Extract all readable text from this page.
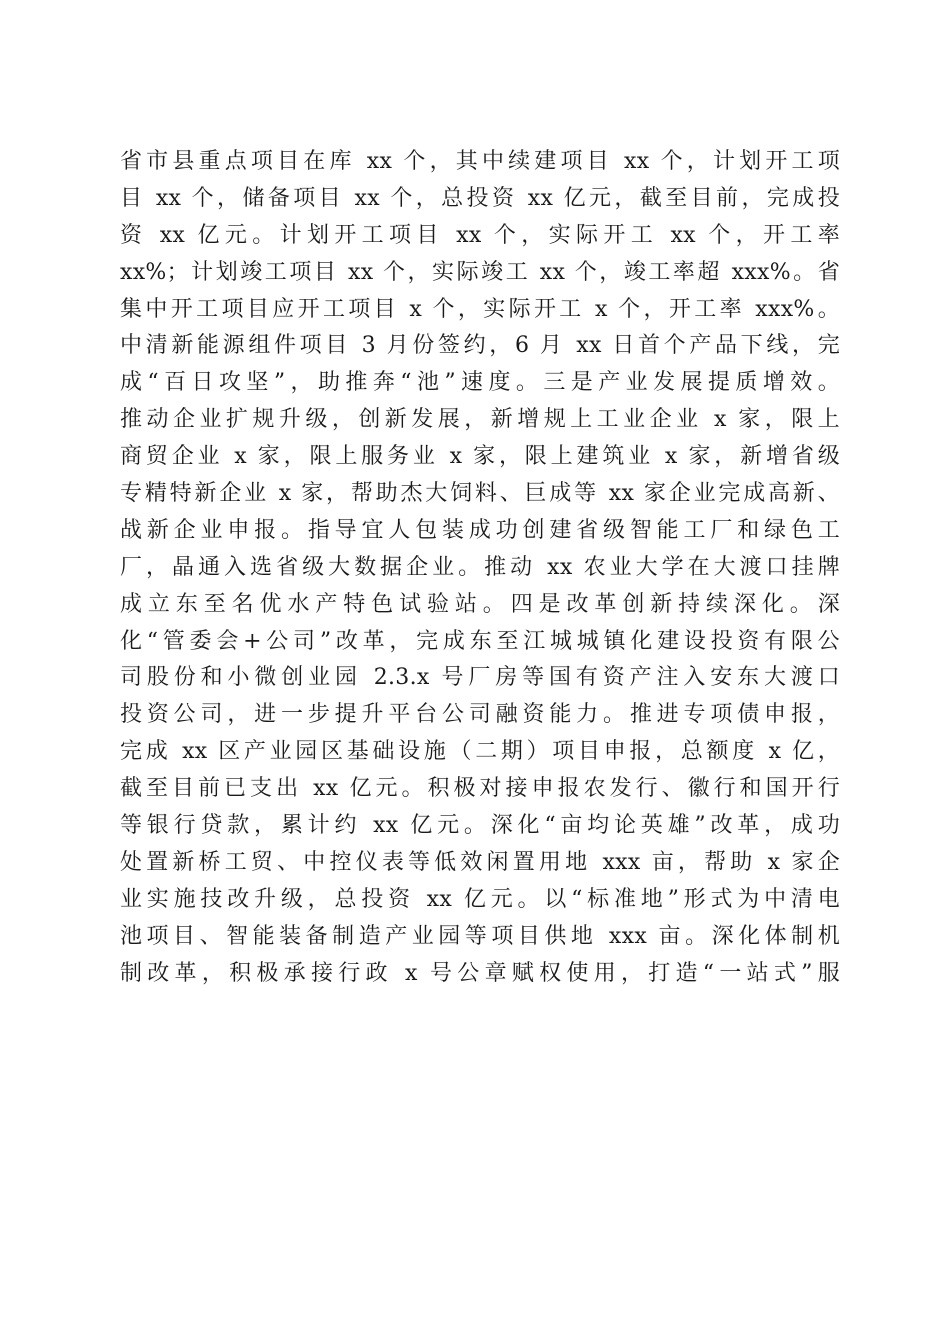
省市县重点项目在库 xx 个，其中续建项目 xx 个，计划开工项
目 xx 个，储备项目 xx 个，总投资 xx 亿元，截至目前，完成投
资 xx 亿元。计划开工项目 xx 个，实际开工 xx 个，开工率
xx%；计划竣工项目 xx 个，实际竣工 xx 个，竣工率超 xxx%。省
集中开工项目应开工项目 x 个，实际开工 x 个，开工率 xxx%。
中清新能源组件项目 3 月份签约，6 月 xx 日首个产品下线，完
成“百日攻坚”，助推奔“池”速度。三是产业发展提质增效。
推动企业扩规升级，创新发展，新增规上工业企业 x 家，限上
商贸企业 x 家，限上服务业 x 家，限上建筑业 x 家，新增省级
专精特新企业 x 家，帮助杰大饲料、巨成等 xx 家企业完成高新、
战新企业申报。指导宜人包装成功创建省级智能工厂和绿色工
厂，晶通入选省级大数据企业。推动 xx 农业大学在大渡口挂牌
成立东至名优水产特色试验站。四是改革创新持续深化。深
化“管委会+公司”改革，完成东至江城城镇化建设投资有限公
司股份和小微创业园 2.3.x 号厂房等国有资产注入安东大渡口
投资公司，进一步提升平台公司融资能力。推进专项债申报，
完成 xx 区产业园区基础设施（二期）项目申报，总额度 x 亿，
截至目前已支出 xx 亿元。积极对接申报农发行、徽行和国开行
等银行贷款，累计约 xx 亿元。深化“亩均论英雄”改革，成功
处置新桥工贸、中控仪表等低效闲置用地 xxx 亩，帮助 x 家企
业实施技改升级，总投资 xx 亿元。以“标准地”形式为中清电
池项目、智能装备制造产业园等项目供地 xxx 亩。深化体制机
制改革，积极承接行政 x 号公章赋权使用，打造“一站式”服
